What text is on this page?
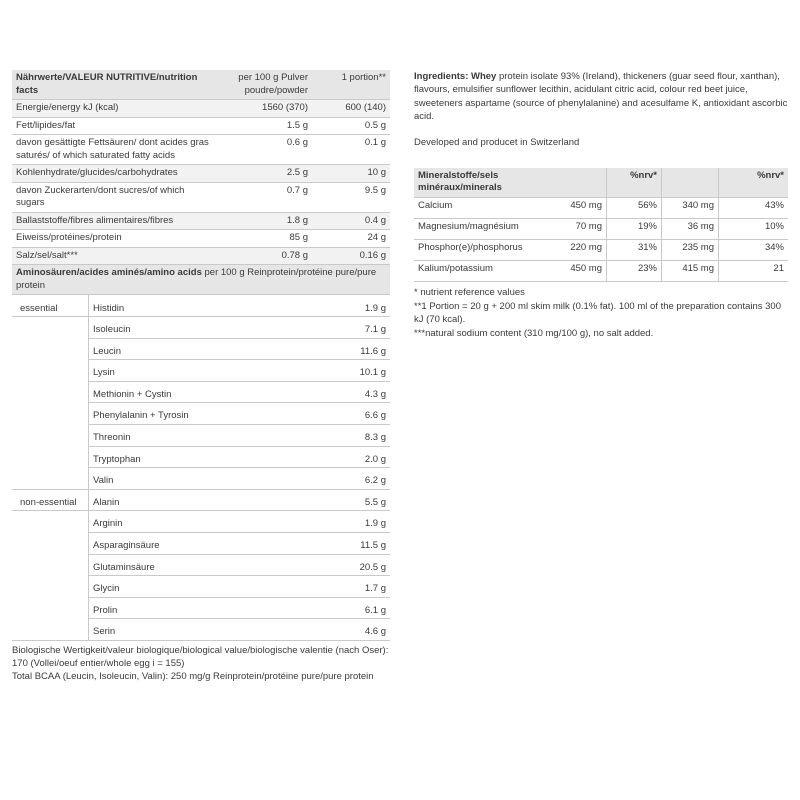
Nährwerte/VALEUR NUTRITIVE/nutrition facts	per 100 g Pulver poudre/powder	1 portion**
Energie/energy kJ (kcal)	1560 (370)	600 (140)
Fett/lipides/fat	1.5 g	0.5 g
davon gesättigte Fettsäuren/ dont acides gras saturés/ of which saturated fatty acids	0.6 g	0.1 g
Kohlenhydrate/glucides/carbohydrates	2.5 g	10 g
davon Zuckerarten/dont sucres/of which sugars	0.7 g	9.5 g
Ballaststoffe/fibres alimentaires/fibres	1.8 g	0.4 g
Eiweiss/protéines/protein	85 g	24 g
Salz/sel/salt***	0.78 g	0.16 g
Aminosäuren/acides aminés/amino acids per 100 g Reinprotein/protéine pure/pure protein		
essential	Histidin	1.9 g
	Isoleucin	7.1 g
	Leucin	11.6 g
	Lysin	10.1 g
	Methionin + Cystin	4.3 g
	Phenylalanin + Tyrosin	6.6 g
	Threonin	8.3 g
	Tryptophan	2.0 g
	Valin	6.2 g
non-essential	Alanin	5.5 g
	Arginin	1.9 g
	Asparaginsäure	11.5 g
	Glutaminsäure	20.5 g
	Glycin	1.7 g
	Prolin	6.1 g
	Serin	4.6 g
Biologische Wertigkeit/valeur biologique/biological value/biologische valentie (nach Oser): 170 (Vollei/oeuf entier/whole egg i = 155)
Total BCAA (Leucin, Isoleucin, Valin): 250 mg/g Reinprotein/protéine pure/pure protein
Ingredients: Whey protein isolate 93% (Ireland), thickeners (guar seed flour, xanthan), flavours, emulsifier sunflower lecithin, acidulant citric acid, colour red beet juice, sweeteners aspartame (source of phenylalanine) and acesulfame K, antioxidant ascorbic acid.
Developed and producet in Switzerland
Mineralstoffe/sels minéraux/minerals		%nrv*		%nrv*
Calcium	450 mg	56%	340 mg	43%
Magnesium/magnésium	70 mg	19%	36 mg	10%
Phosphor(e)/phosphorus	220 mg	31%	235 mg	34%
Kalium/potassium	450 mg	23%	415 mg	21
* nutrient reference values
**1 Portion = 20 g + 200 ml skim milk (0.1% fat). 100 ml of the preparation contains 300 kJ (70 kcal).
***natural sodium content (310 mg/100 g), no salt added.
